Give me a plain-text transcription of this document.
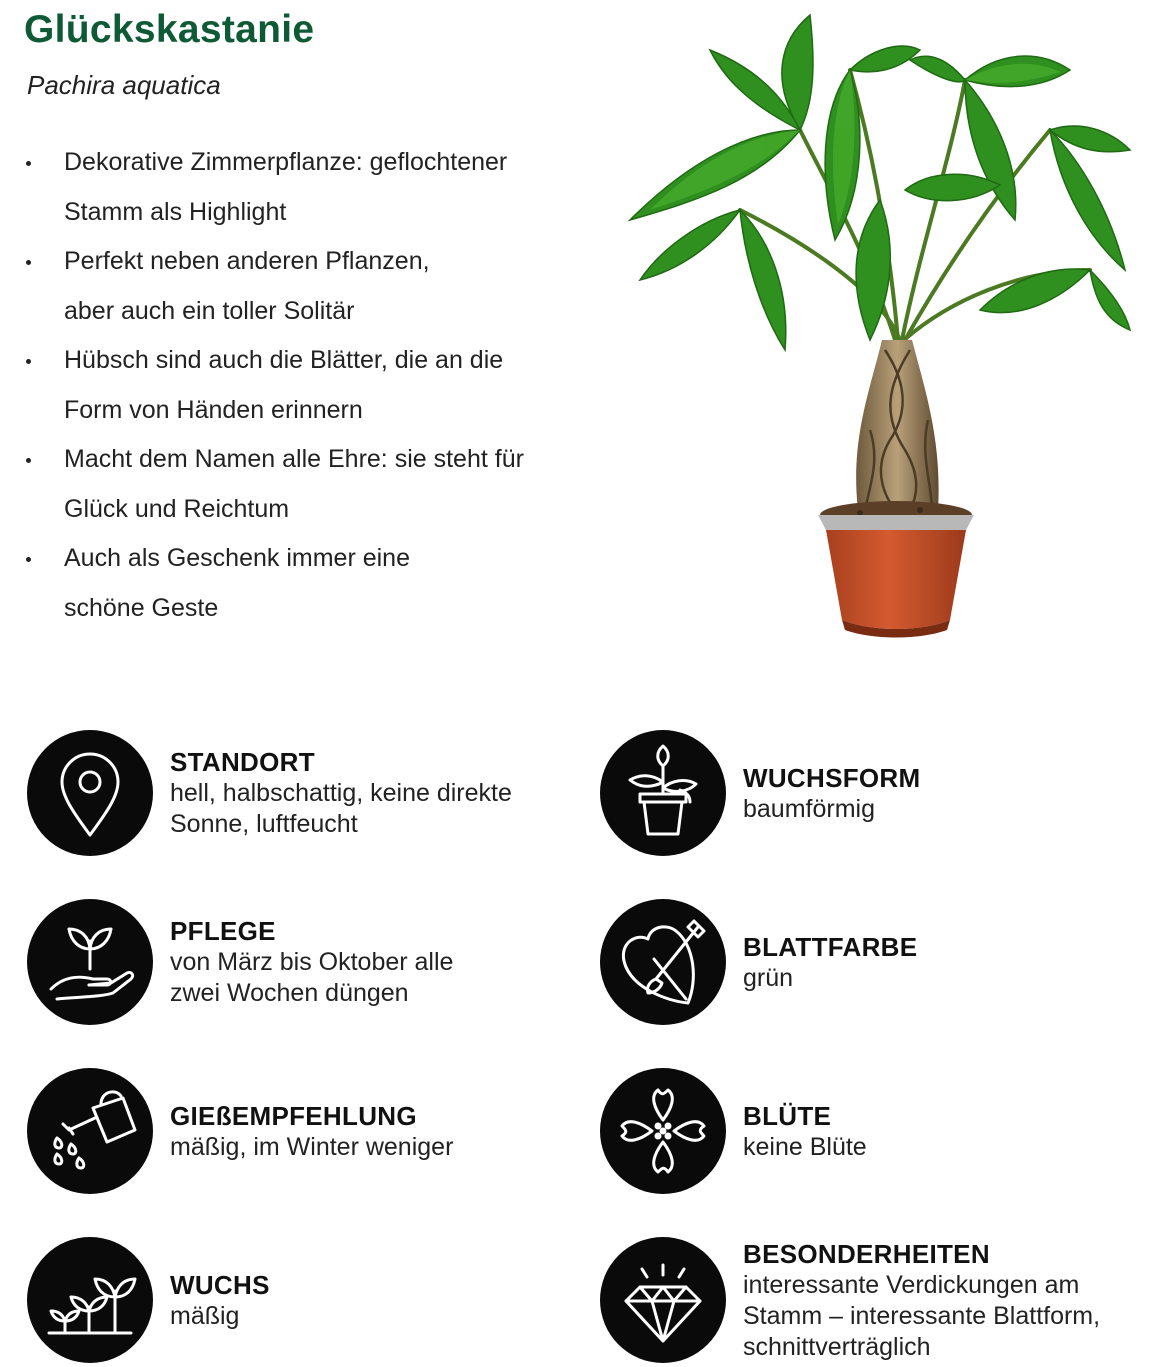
Glückskastanie

Pachira aquatica

Dekorative Zimmerpflanze: geflochtener
Stamm als Highlight
Perfekt neben anderen Pflanzen,
aber auch ein toller Solitär
Hübsch sind auch die Blätter, die an die
Form von Händen erinnern
Macht dem Namen alle Ehre: sie steht für
Glück und Reichtum
Auch als Geschenk immer eine
schöne Geste
STANDORT
hell, halbschattig, keine direkte
Sonne, luftfeucht
WUCHSFORM
baumförmig
PFLEGE
von März bis Oktober alle
zwei Wochen düngen
BLATTFARBE
grün
GIEßEMPFEHLUNG
mäßig, im Winter weniger
BLÜTE
keine Blüte
WUCHS
mäßig
BESONDERHEITEN
interessante Verdickungen am
Stamm – interessante Blattform,
schnittverträglich
